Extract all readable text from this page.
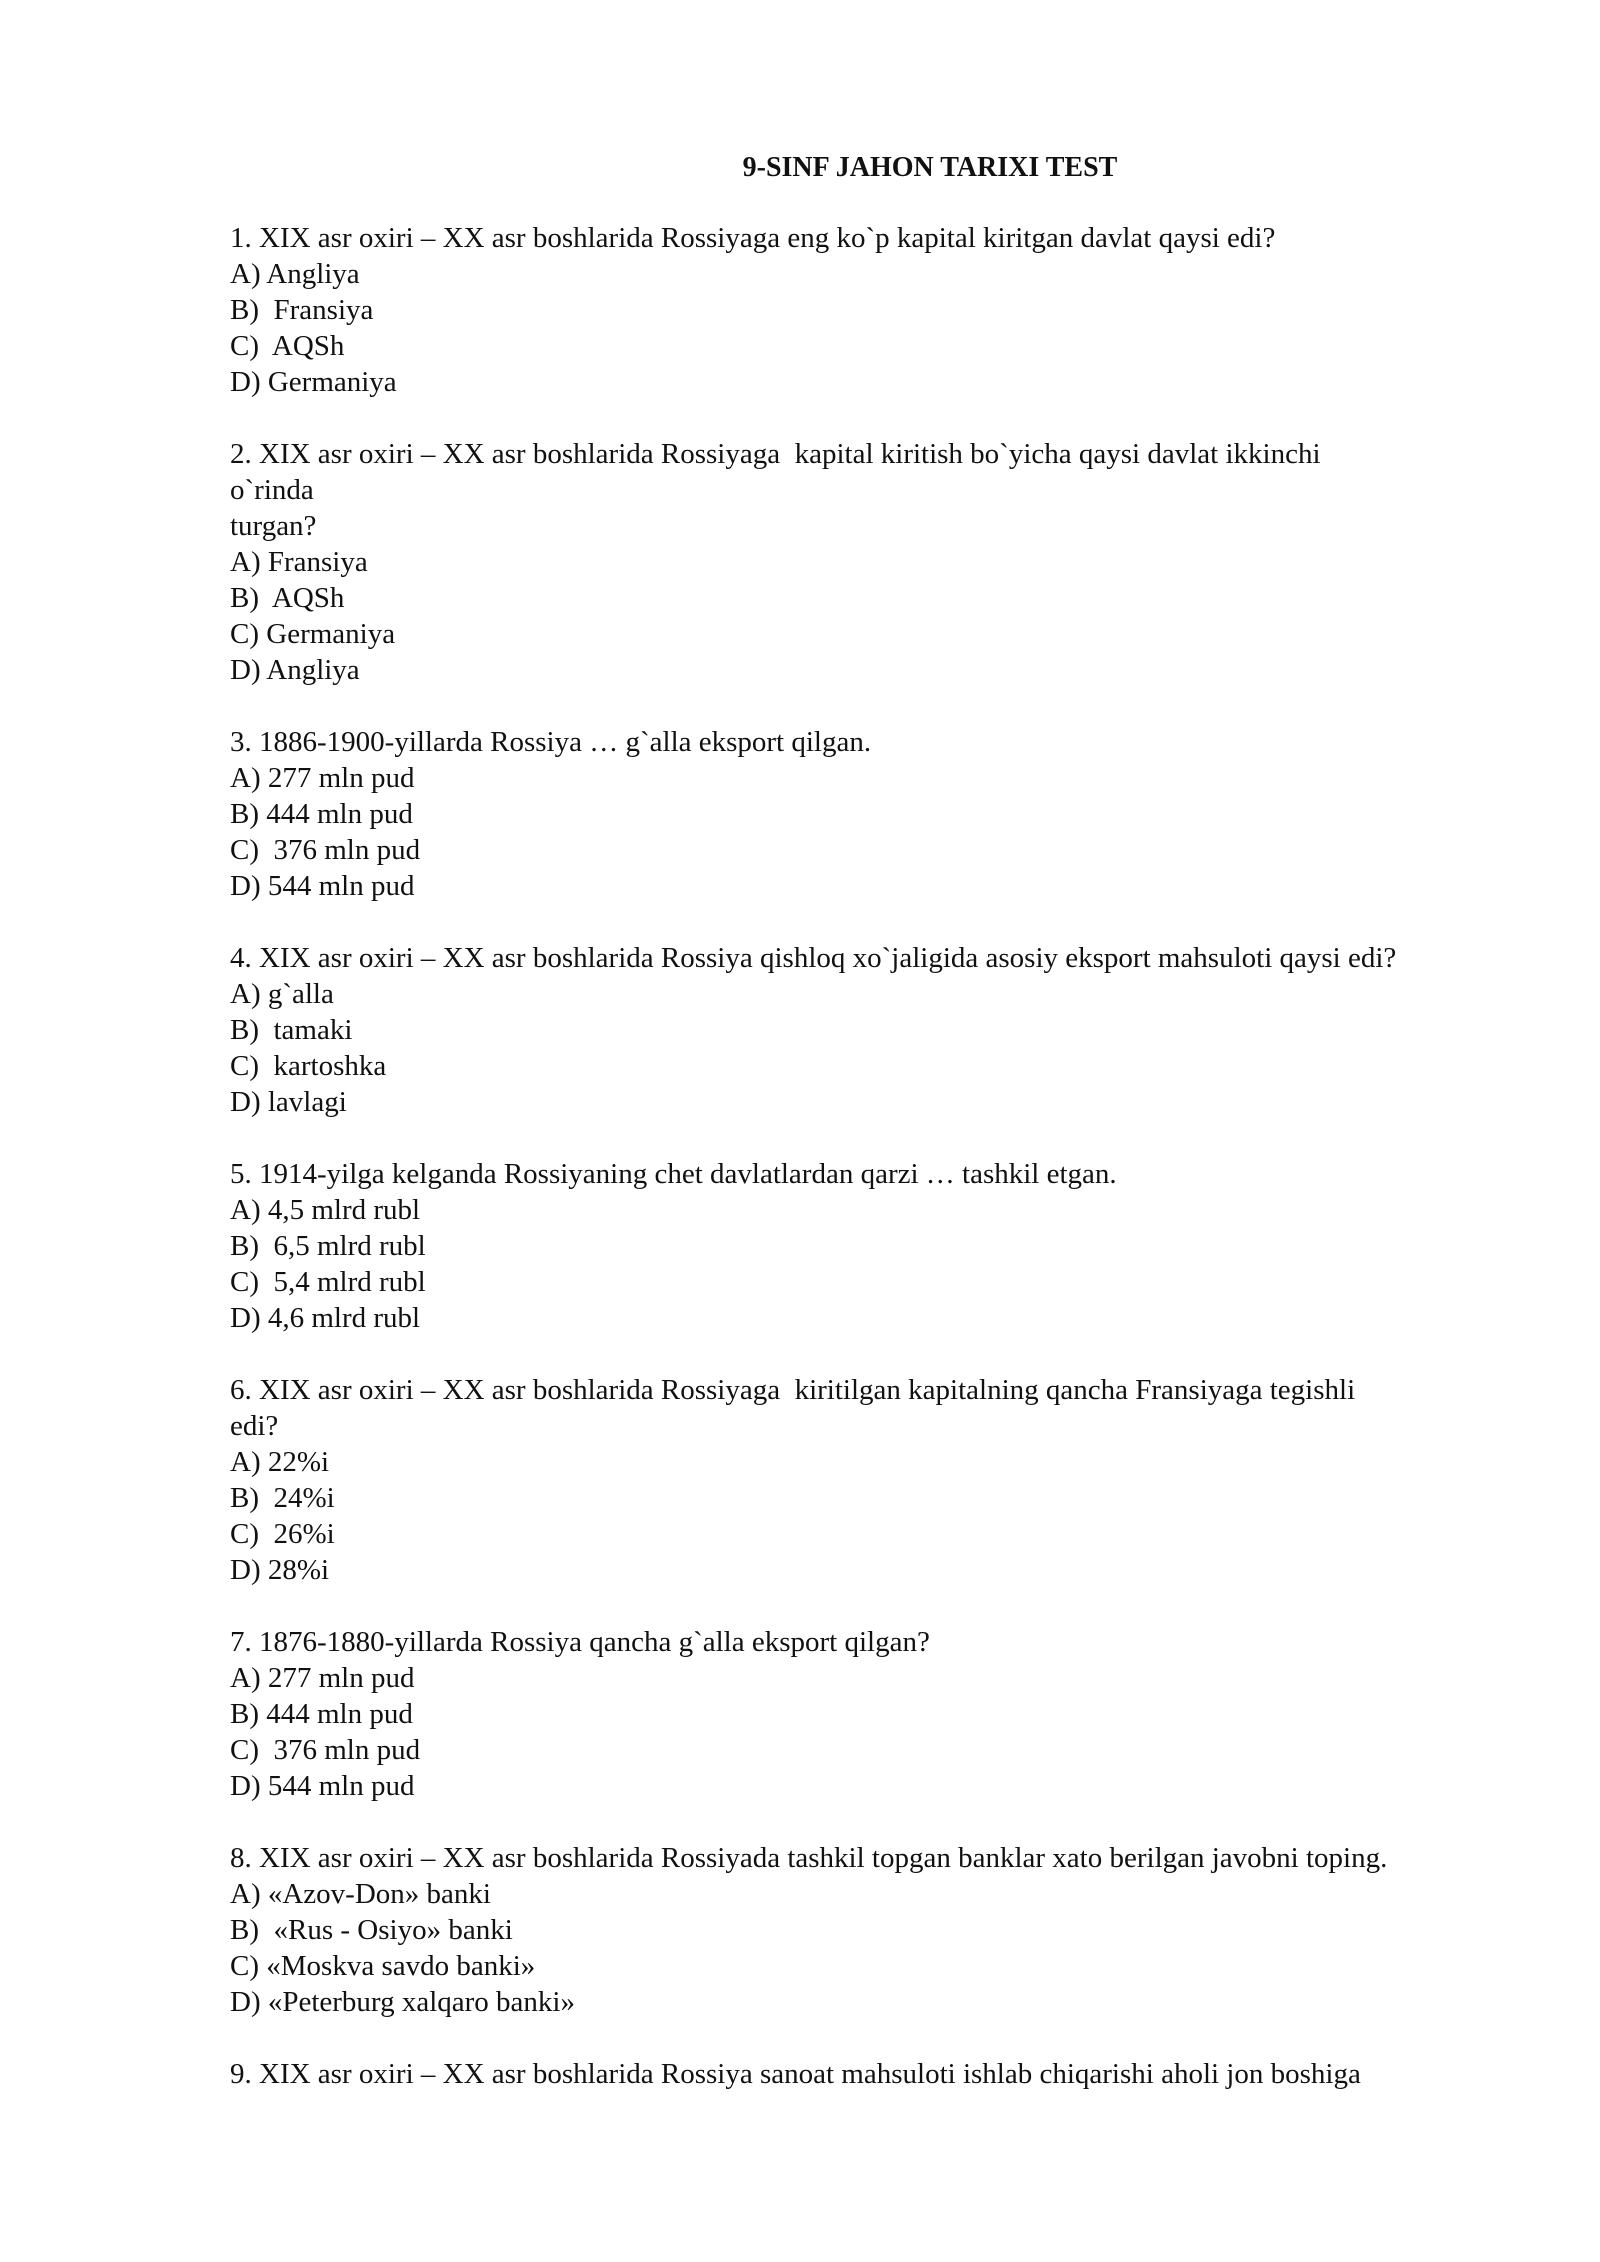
9-SINF JAHON TARIXI TEST
1. XIX asr oxiri – XX asr boshlarida Rossiyaga eng ko`p kapital kiritgan davlat qaysi edi?
A) Angliya
B)  Fransiya
C)  AQSh
D) Germaniya
2. XIX asr oxiri – XX asr boshlarida Rossiyaga  kapital kiritish bo`yicha qaysi davlat ikkinchi
o`rinda
turgan?
A) Fransiya
B)  AQSh
C) Germaniya
D) Angliya
3. 1886-1900-yillarda Rossiya … g`alla eksport qilgan.
A) 277 mln pud
B) 444 mln pud
C)  376 mln pud
D) 544 mln pud
4. XIX asr oxiri – XX asr boshlarida Rossiya qishloq xo`jaligida asosiy eksport mahsuloti qaysi edi?
A) g`alla
B)  tamaki
C)  kartoshka
D) lavlagi
5. 1914-yilga kelganda Rossiyaning chet davlatlardan qarzi … tashkil etgan.
A) 4,5 mlrd rubl
B)  6,5 mlrd rubl
C)  5,4 mlrd rubl
D) 4,6 mlrd rubl
6. XIX asr oxiri – XX asr boshlarida Rossiyaga  kiritilgan kapitalning qancha Fransiyaga tegishli
edi?
A) 22%i
B)  24%i
C)  26%i
D) 28%i
7. 1876-1880-yillarda Rossiya qancha g`alla eksport qilgan?
A) 277 mln pud
B) 444 mln pud
C)  376 mln pud
D) 544 mln pud
8. XIX asr oxiri – XX asr boshlarida Rossiyada tashkil topgan banklar xato berilgan javobni toping.
A) «Azov-Don» banki
B)  «Rus - Osiyo» banki
C) «Moskva savdo banki»
D) «Peterburg xalqaro banki»
9. XIX asr oxiri – XX asr boshlarida Rossiya sanoat mahsuloti ishlab chiqarishi aholi jon boshiga
